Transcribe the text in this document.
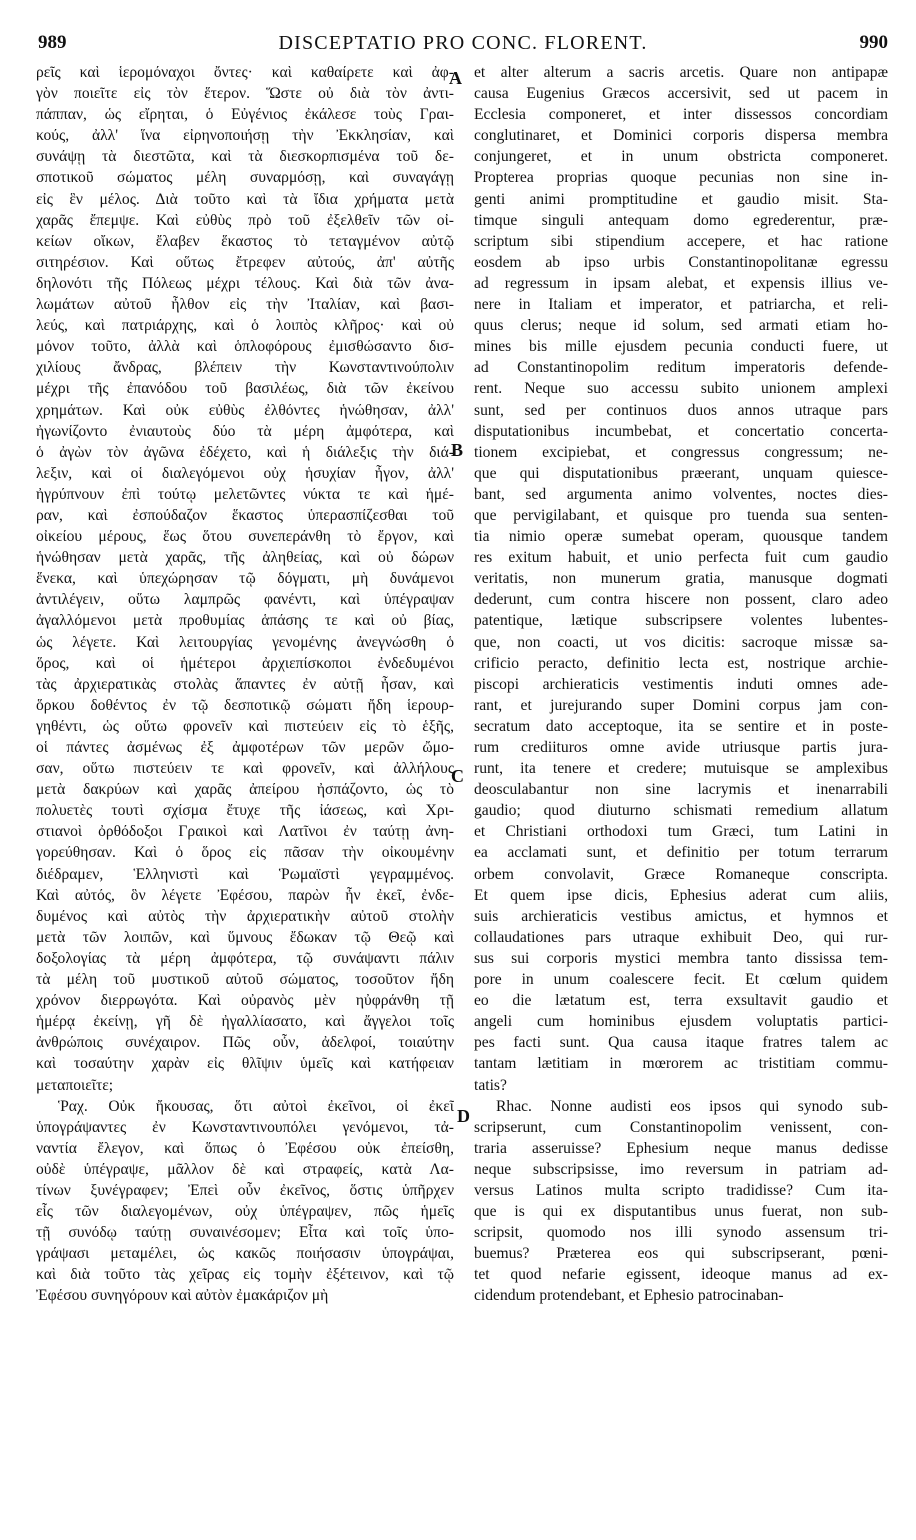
989	DISCEPTATIO PRO CONC. FLORENT.	990
ρεῖς καὶ ἱερομόναχοι ὄντες· καὶ καθαίρετε καὶ ἀφ-
γὸν ποιεῖτε εἰς τὸν ἕτερον. Ὥστε οὐ διὰ τὸν ἀντι-
πάππαν, ὡς εἴρηται, ὁ Εὐγένιος ἐκάλεσε τοὺς Γραι-
κούς, ἀλλ' ἵνα εἰρηνοποιήσῃ τὴν Ἐκκλησίαν, καὶ
συνάψῃ τὰ διεστῶτα, καὶ τὰ διεσκορπισμένα τοῦ δε-
σποτικοῦ σώματος μέλη συναρμόσῃ, καὶ συναγάγῃ
εἰς ἓν μέλος. Διὰ τοῦτο καὶ τὰ ἴδια χρήματα μετὰ
χαρᾶς ἔπεμψε. Καὶ εὐθὺς πρὸ τοῦ ἐξελθεῖν τῶν οἰ-
κείων οἴκων, ἔλαβεν ἕκαστος τὸ τεταγμένον αὐτῷ
σιτηρέσιον. Καὶ οὕτως ἔτρεφεν αὐτούς, ἀπ' αὐτῆς
δηλονότι τῆς Πόλεως μέχρι τέλους. Καὶ διὰ τῶν ἀνα-
λωμάτων αὐτοῦ ἦλθον εἰς τὴν Ἰταλίαν, καὶ βασι-
λεύς, καὶ πατριάρχης, καὶ ὁ λοιπὸς κλῆρος· καὶ οὐ
μόνον τοῦτο, ἀλλὰ καὶ ὁπλοφόρους ἐμισθώσαντο δισ-
χιλίους ἄνδρας, βλέπειν τὴν Κωνσταντινούπολιν
μέχρι τῆς ἐπανόδου τοῦ βασιλέως, διὰ τῶν ἐκείνου
χρημάτων. Καὶ οὐκ εὐθὺς ἐλθόντες ἡνώθησαν, ἀλλ'
ἠγωνίζοντο ἐνιαυτοὺς δύο τὰ μέρη ἀμφότερα, καὶ
ὁ ἀγὼν τὸν ἀγῶνα ἐδέχετο, καὶ ἡ διάλεξις τὴν διά-
λεξιν, καὶ οἱ διαλεγόμενοι οὐχ ἡσυχίαν ἦγον, ἀλλ'
ἠγρύπνουν ἐπὶ τούτῳ μελετῶντες νύκτα τε καὶ ἡμέ-
ραν, καὶ ἐσπούδαζον ἕκαστος ὑπερασπίζεσθαι τοῦ
οἰκείου μέρους, ἕως ὅτου συνεπεράνθη τὸ ἔργον, καὶ
ἡνώθησαν μετὰ χαρᾶς, τῆς ἀληθείας, καὶ οὐ δώρων
ἕνεκα, καὶ ὑπεχώρησαν τῷ δόγματι, μὴ δυνάμενοι
ἀντιλέγειν, οὕτω λαμπρῶς φανέντι, καὶ ὑπέγραψαν
ἀγαλλόμενοι μετὰ προθυμίας ἁπάσης τε καὶ οὐ βίας,
ὡς λέγετε. Καὶ λειτουργίας γενομένης ἀνεγνώσθη ὁ
ὅρος, καὶ οἱ ἡμέτεροι ἀρχιεπίσκοποι ἐνδεδυμένοι
τὰς ἀρχιερατικὰς στολὰς ἅπαντες ἐν αὐτῇ ἦσαν, καὶ
ὅρκου δοθέντος ἐν τῷ δεσποτικῷ σώματι ἤδη ἱερουρ-
γηθέντι, ὡς οὕτω φρονεῖν καὶ πιστεύειν εἰς τὸ ἑξῆς,
οἱ πάντες ἀσμένως ἐξ ἀμφοτέρων τῶν μερῶν ὤμο-
σαν, οὕτω πιστεύειν τε καὶ φρονεῖν, καὶ ἀλλήλους
μετὰ δακρύων καὶ χαρᾶς ἀπείρου ἠσπάζοντο, ὡς τὸ
πολυετὲς τουτὶ σχίσμα ἔτυχε τῆς ἰάσεως, καὶ Χρι-
στιανοὶ ὀρθόδοξοι Γραικοὶ καὶ Λατῖνοι ἐν ταύτῃ ἀνη-
γορεύθησαν. Καὶ ὁ ὅρος εἰς πᾶσαν τὴν οἰκουμένην
διέδραμεν, Ἑλληνιστὶ καὶ Ῥωμαϊστὶ γεγραμμένος.
Καὶ αὐτός, ὃν λέγετε Ἐφέσου, παρὼν ἦν ἐκεῖ, ἐνδε-
δυμένος καὶ αὐτὸς τὴν ἀρχιερατικὴν αὐτοῦ στολὴν
μετὰ τῶν λοιπῶν, καὶ ὕμνους ἔδωκαν τῷ Θεῷ καὶ
δοξολογίας τὰ μέρη ἀμφότερα, τῷ συνάψαντι πάλιν
τὰ μέλη τοῦ μυστικοῦ αὐτοῦ σώματος, τοσοῦτον ἤδη
χρόνον διερρωγότα. Καὶ οὐρανὸς μὲν ηὐφράνθη τῇ
ἡμέρᾳ ἐκείνῃ, γῆ δὲ ἠγαλλίασατο, καὶ ἄγγελοι τοῖς
ἀνθρώποις συνέχαιρον. Πῶς οὖν, ἀδελφοί, τοιαύτην
καὶ τοσαύτην χαρὰν εἰς θλῖψιν ὑμεῖς καὶ κατήφειαν
μεταποιεῖτε;
Ῥαχ. Οὐκ ἤκουσας, ὅτι αὐτοὶ ἐκεῖνοι, οἱ ἐκεῖ
ὑπογράψαντες ἐν Κωνσταντινουπόλει γενόμενοι, τἀ-
ναντία ἔλεγον, καὶ ὅπως ὁ Ἐφέσου οὐκ ἐπείσθη,
οὐδὲ ὑπέγραψε, μᾶλλον δὲ καὶ στραφείς, κατὰ Λα-
τίνων ξυνέγραφεν; Ἐπεὶ οὖν ἐκεῖνος, ὅστις ὑπῆρχεν
εἷς τῶν διαλεγομένων, οὐχ ὑπέγραψεν, πῶς ἡμεῖς
τῇ συνόδῳ ταύτῃ συναινέσομεν; Εἶτα καὶ τοῖς ὑπο-
γράψασι μεταμέλει, ὡς κακῶς ποιήσασιν ὑπογράψαι,
καὶ διὰ τοῦτο τὰς χεῖρας εἰς τομὴν ἐξέτεινον, καὶ τῷ
Ἐφέσου συνηγόρουν καὶ αὐτὸν ἐμακάριζον μὴ
et alter alterum a sacris arcetis. Quare non antipapæ
causa Eugenius Græcos accersivit, sed ut pacem in
Ecclesia componeret, et inter dissessos concordiam
conglutinaret, et Dominici corporis dispersa membra
conjungeret, et in unum obstricta componeret.
Propterea proprias quoque pecunias non sine in-
genti animi promptitudine et gaudio misit. Sta-
timque singuli antequam domo egrederentur, præ-
scriptum sibi stipendium accepere, et hac ratione
eosdem ab ipso urbis Constantinopolitanæ egressu
ad regressum in ipsam alebat, et expensis illius ve-
nere in Italiam et imperator, et patriarcha, et reli-
quus clerus; neque id solum, sed armati etiam ho-
mines bis mille ejusdem pecunia conducti fuere, ut
ad Constantinopolim reditum imperatoris defende-
rent. Neque suo accessu subito unionem amplexi
sunt, sed per continuos duos annos utraque pars
disputationibus incumbebat, et concertatio concerta-
tionem excipiebat, et congressus congressum; ne-
que qui disputationibus præerant, unquam quiesce-
bant, sed argumenta animo volventes, noctes dies-
que pervigilabant, et quisque pro tuenda sua senten-
tia nimio operæ sumebat operam, quousque tandem
res exitum habuit, et unio perfecta fuit cum gaudio
veritatis, non munerum gratia, manusque dogmati
dederunt, cum contra hiscere non possent, claro adeo
patentique, lætique subscripsere volentes lubentes-
que, non coacti, ut vos dicitis: sacroque missæ sa-
crificio peracto, definitio lecta est, nostrique archie-
piscopi archieraticis vestimentis induti omnes ade-
rant, et jurejurando super Domini corpus jam con-
secratum dato acceptoque, ita se sentire et in poste-
rum crediituros omne avide utriusque partis jura-
runt, ita tenere et credere; mutuisque se amplexibus
deosculabantur non sine lacrymis et inenarrabili
gaudio; quod diuturno schismati remedium allatum
et Christiani orthodoxi tum Græci, tum Latini in
ea acclamati sunt, et definitio per totum terrarum
orbem convolavit, Græce Romaneque conscripta.
Et quem ipse dicis, Ephesius aderat cum aliis,
suis archieraticis vestibus amictus, et hymnos et
collaudationes pars utraque exhibuit Deo, qui rur-
sus sui corporis mystici membra tanto dississa tem-
pore in unum coalescere fecit. Et cœlum quidem
eo die lætatum est, terra exsultavit gaudio et
angeli cum hominibus ejusdem voluptatis partici-
pes facti sunt. Qua causa itaque fratres talem ac
tantam lætitiam in mœrorem ac tristitiam commu-
tatis?
Rhac. Nonne audisti eos ipsos qui synodo sub-
scripserunt, cum Constantinopolim venissent, con-
traria asseruisse? Ephesium neque manus dedisse
neque subscripsisse, imo reversum in patriam ad-
versus Latinos multa scripto tradidisse? Cum ita-
que is qui ex disputantibus unus fuerat, non sub-
scripsit, quomodo nos illi synodo assensum tri-
buemus? Præterea eos qui subscripserant, pœni-
tet quod nefarie egissent, ideoque manus ad ex-
cidendum protendebant, et Ephesio patrocinaban-
A
B
C
D
